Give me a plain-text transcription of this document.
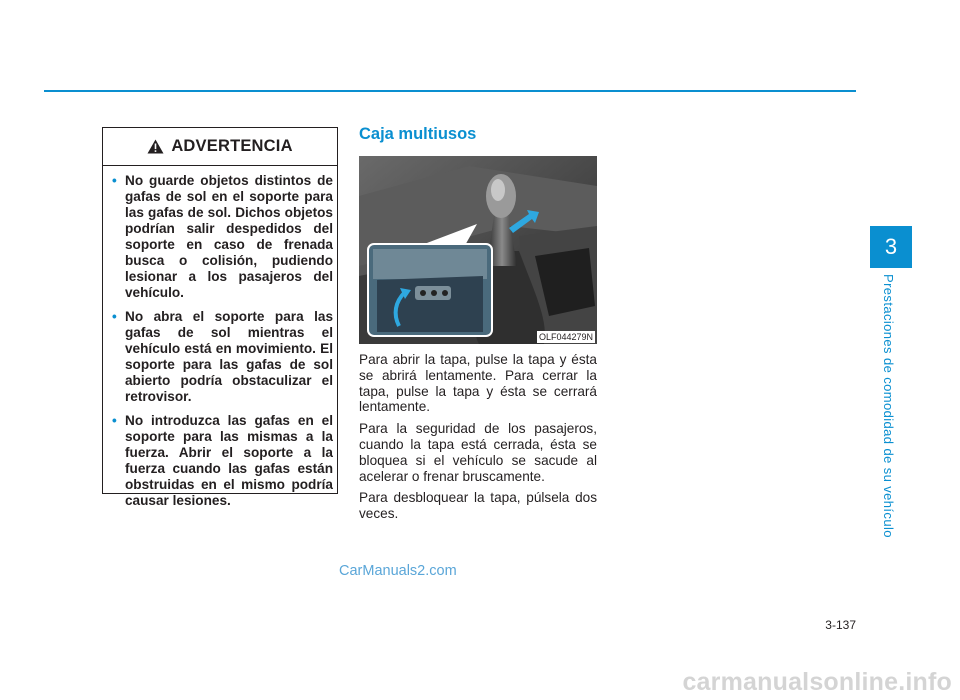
ADVERTENCIA
• No guarde objetos distintos de gafas de sol en el soporte para las gafas de sol. Dichos objetos podrían salir despedidos del soporte en caso de frenada busca o colisión, pudiendo lesionar a los pasajeros del vehículo.
• No abra el soporte para las gafas de sol mientras el vehículo está en movimiento. El soporte para las gafas de sol abierto podría obstaculizar el retrovisor.
• No introduzca las gafas en el soporte para las mismas a la fuerza. Abrir el soporte a la fuerza cuando las gafas están obstruidas en el mismo podría causar lesiones.
Caja multiusos
OLF044279N

Para abrir la tapa, pulse la tapa y ésta se abrirá lentamente. Para cerrar la tapa, pulse la tapa y ésta se cerrará lentamente.

Para la seguridad de los pasajeros, cuando la tapa está cerrada, ésta se bloquea si el vehículo se sacude al acelerar o frenar bruscamente.

Para desbloquear la tapa, púlsela dos veces.

3
Prestaciones de comodidad de su vehículo
3-137
CarManuals2.com
carmanualsonline.info
